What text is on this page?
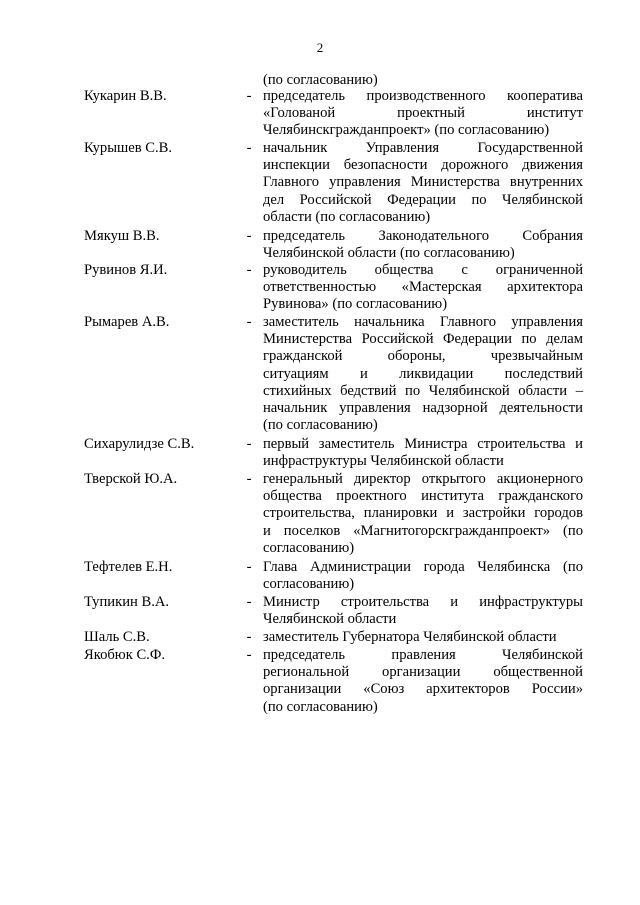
2
(по согласованию)
Кукарин В.В.	- председатель производственного кооператива
«Голованой проектный институт
Челябинскгражданпроект» (по согласованию)
Курышев С.В.	- начальник Управления Государственной
инспекции безопасности дорожного движения
Главного управления Министерства внутренних
дел Российской Федерации по Челябинской
области (по согласованию)
Мякуш В.В.	- председатель Законодательного Собрания
Челябинской области (по согласованию)
Рувинов Я.И.	- руководитель общества с ограниченной
ответственностью «Мастерская архитектора
Рувинова» (по согласованию)
Рымарев А.В.	- заместитель начальника Главного управления
Министерства Российской Федерации по делам
гражданской обороны, чрезвычайным
ситуациям и ликвидации последствий
стихийных бедствий по Челябинской области –
начальник управления надзорной деятельности
(по согласованию)
Сихарулидзе С.В.	- первый заместитель Министра строительства и
инфраструктуры Челябинской области
Тверской Ю.А.	- генеральный директор открытого акционерного
общества проектного института гражданского
строительства, планировки и застройки городов
и поселков «Магнитогорскгражданпроект» (по
согласованию)
Тефтелев Е.Н.	- Глава Администрации города Челябинска (по
согласованию)
Тупикин В.А.	- Министр строительства и инфраструктуры
Челябинской области
Шаль С.В.	- заместитель Губернатора Челябинской области
Якобюк С.Ф.	- председатель правления Челябинской
региональной организации общественной
организации «Союз архитекторов России»
(по согласованию)
